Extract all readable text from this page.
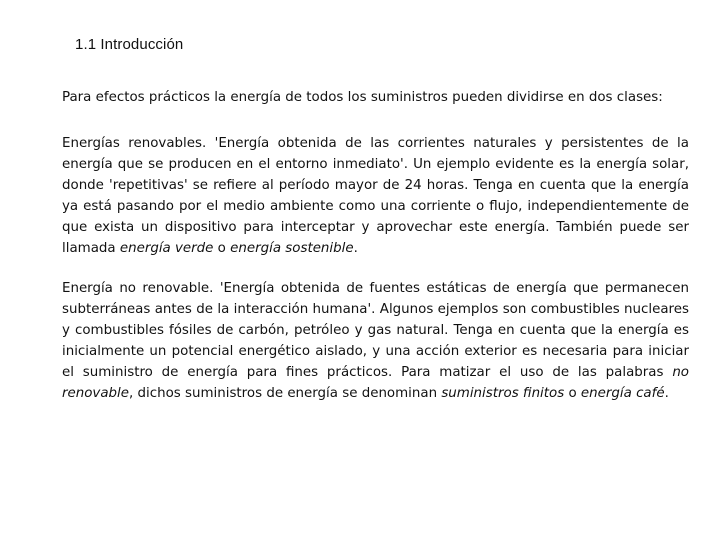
1.1 Introducción

Para efectos prácticos la energía de todos los suministros pueden dividirse en dos clases:

Energías renovables. 'Energía obtenida de las corrientes naturales y persistentes de la energía que se producen en el entorno inmediato'. Un ejemplo evidente es la energía solar, donde 'repetitivas' se refiere al período mayor de 24 horas. Tenga en cuenta que la energía ya está pasando por el medio ambiente como una corriente o flujo, independientemente de que exista un dispositivo para interceptar y aprovechar este energía. También puede ser llamada energía verde o energía sostenible.

Energía no renovable. 'Energía obtenida de fuentes estáticas de energía que permanecen subterráneas antes de la interacción humana'. Algunos ejemplos son combustibles nucleares y combustibles fósiles de carbón, petróleo y gas natural. Tenga en cuenta que la energía es inicialmente un potencial energético aislado, y una acción exterior es necesaria para iniciar el suministro de energía para fines prácticos. Para matizar el uso de las palabras no renovable, dichos suministros de energía se denominan suministros finitos o energía café.
